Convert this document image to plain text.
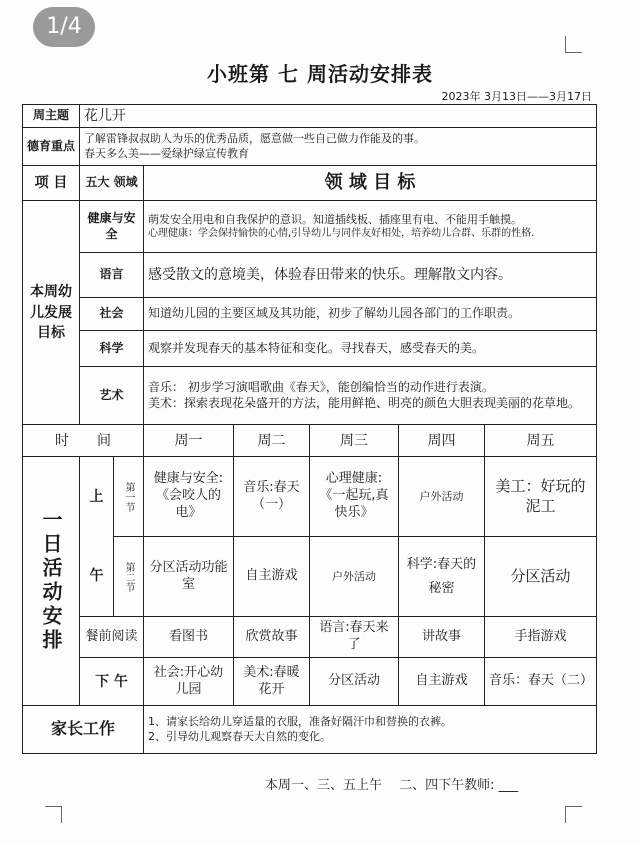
1/4
小班第 七 周活动安排表
2023年 3月13日——3月17日
周主题	花儿开						
德育重点	了解雷锋叔叔助人为乐的优秀品质，愿意做一些自己做力作能及的事。
春天多么美——爱绿护绿宣传教育						

项 目	五大 领域		领 域 目 标				
本周幼儿发展目标	健康与安全		萌发安全用电和自我保护的意识。知道插线板、插座里有电、不能用手触摸。
心理健康：学会保持愉快的心情,引导幼儿与同伴友好相处，培养幼儿合群、乐群的性格.				

	语言		感受散文的意境美，体验春田带来的快乐。理解散文内容。				
	社会		知道幼儿园的主要区域及其功能，初步了解幼儿园各部门的工作职责。				
	科学		观察并发现春天的基本特征和变化。寻找春天，感受春天的美。				
	艺术		音乐： 初步学习演唱歌曲《春天》，能创编恰当的动作进行表演。
美术：探索表现花朵盛开的方法，能用鲜艳、明亮的颜色大胆表现美丽的花草地。				

时　　间			周一	周二	周三	周四	周五
一日活动安排	上	第一节	健康与安全:《会咬人的电》	音乐:春天（一）	心理健康:《一起玩,真快乐》	户外活动	美工：好玩的泥工
	午	第二节	分区活动功能室	自主游戏	户外活动	科学:春天的秘密	分区活动
	餐前阅读		看图书	欣赏故事	语言:春天来了	讲故事	手指游戏
	下 午		社会:开心幼儿园	美术:春暖花开	分区活动	自主游戏	音乐：春天（二）
家长工作			1、请家长给幼儿穿适量的衣服，准备好隔汗巾和替换的衣裤。
2、引导幼儿观察春天大自然的变化。				
本周一、三、五上午　 二、四下午教师: ___
